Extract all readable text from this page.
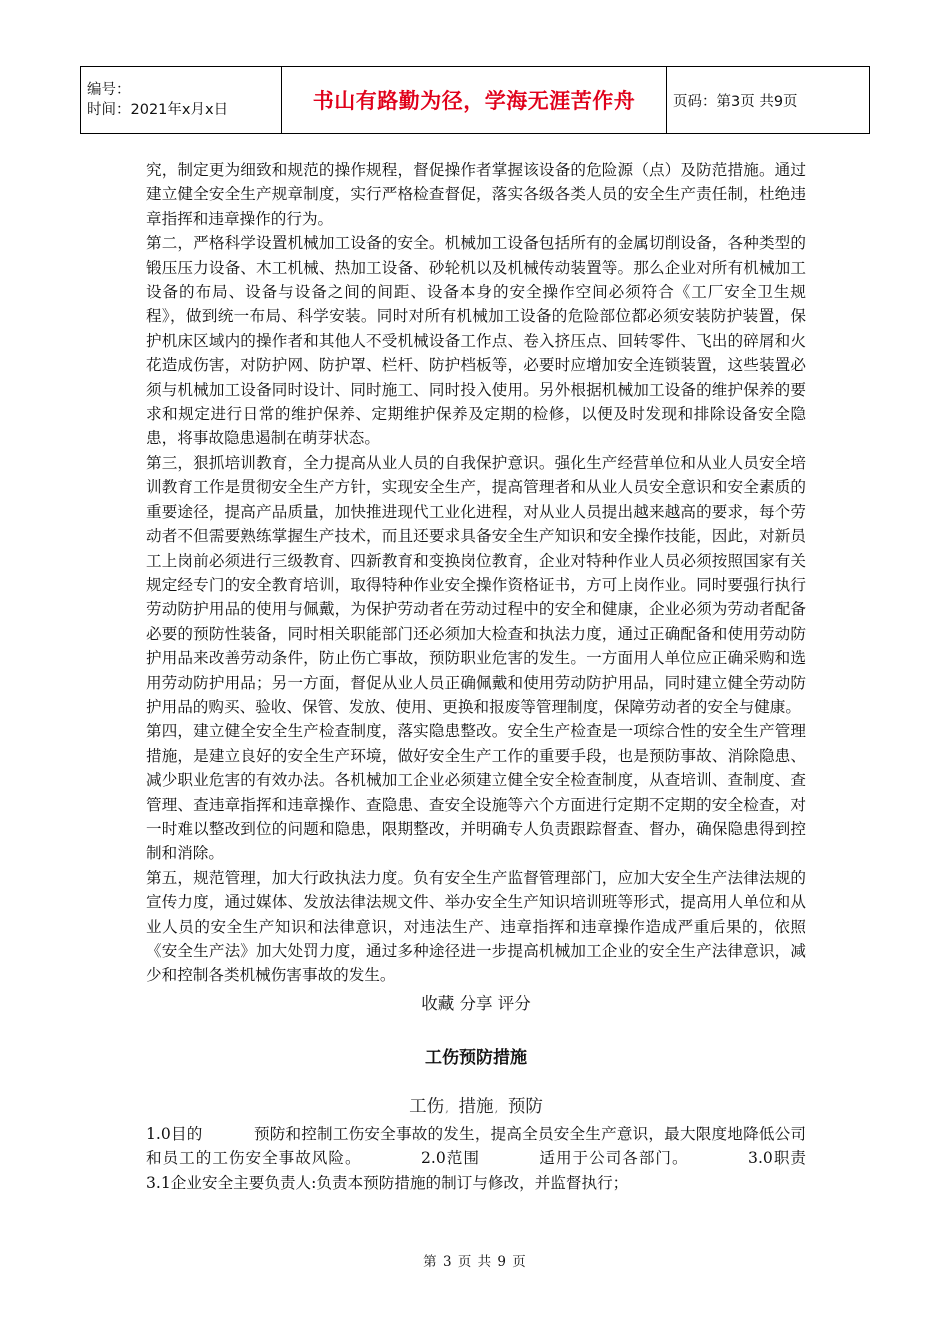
编号：
时间：2021年x月x日	书山有路勤为径，学海无涯苦作舟	页码：第3页 共9页

究，制定更为细致和规范的操作规程，督促操作者掌握该设备的危险源（点）及防范措施。通过建立健全安全生产规章制度，实行严格检查督促，落实各级各类人员的安全生产责任制，杜绝违章指挥和违章操作的行为。

第二，严格科学设置机械加工设备的安全。机械加工设备包括所有的金属切削设备，各种类型的锻压压力设备、木工机械、热加工设备、砂轮机以及机械传动装置等。那么企业对所有机械加工设备的布局、设备与设备之间的间距、设备本身的安全操作空间必须符合《工厂安全卫生规程》，做到统一布局、科学安装。同时对所有机械加工设备的危险部位都必须安装防护装置，保护机床区域内的操作者和其他人不受机械设备工作点、卷入挤压点、回转零件、飞出的碎屑和火花造成伤害，对防护网、防护罩、栏杆、防护档板等，必要时应增加安全连锁装置，这些装置必须与机械加工设备同时设计、同时施工、同时投入使用。另外根据机械加工设备的维护保养的要求和规定进行日常的维护保养、定期维护保养及定期的检修，以便及时发现和排除设备安全隐患，将事故隐患遏制在萌芽状态。

第三，狠抓培训教育，全力提高从业人员的自我保护意识。强化生产经营单位和从业人员安全培训教育工作是贯彻安全生产方针，实现安全生产，提高管理者和从业人员安全意识和安全素质的重要途径，提高产品质量，加快推进现代工业化进程，对从业人员提出越来越高的要求，每个劳动者不但需要熟练掌握生产技术，而且还要求具备安全生产知识和安全操作技能，因此，对新员工上岗前必须进行三级教育、四新教育和变换岗位教育，企业对特种作业人员必须按照国家有关规定经专门的安全教育培训，取得特种作业安全操作资格证书，方可上岗作业。同时要强行执行劳动防护用品的使用与佩戴，为保护劳动者在劳动过程中的安全和健康，企业必须为劳动者配备必要的预防性装备，同时相关职能部门还必须加大检查和执法力度，通过正确配备和使用劳动防护用品来改善劳动条件，防止伤亡事故，预防职业危害的发生。一方面用人单位应正确采购和选用劳动防护用品；另一方面，督促从业人员正确佩戴和使用劳动防护用品，同时建立健全劳动防护用品的购买、验收、保管、发放、使用、更换和报废等管理制度，保障劳动者的安全与健康。

第四，建立健全安全生产检查制度，落实隐患整改。安全生产检查是一项综合性的安全生产管理措施，是建立良好的安全生产环境，做好安全生产工作的重要手段，也是预防事故、消除隐患、减少职业危害的有效办法。各机械加工企业必须建立健全安全检查制度，从查培训、查制度、查管理、查违章指挥和违章操作、查隐患、查安全设施等六个方面进行定期不定期的安全检查，对一时难以整改到位的问题和隐患，限期整改，并明确专人负责跟踪督查、督办，确保隐患得到控制和消除。

第五，规范管理，加大行政执法力度。负有安全生产监督管理部门，应加大安全生产法律法规的宣传力度，通过媒体、发放法律法规文件、举办安全生产知识培训班等形式，提高用人单位和从业人员的安全生产知识和法律意识，对违法生产、违章指挥和违章操作造成严重后果的，依照《安全生产法》加大处罚力度，通过多种途径进一步提高机械加工企业的安全生产法律意识，减少和控制各类机械伤害事故的发生。

收藏 分享 评分
工伤预防措施
工伤, 措施, 预防

1.0目的          预防和控制工伤安全事故的发生，提高全员安全生产意识，最大限度地降低公司和员工的工伤安全事故风险。          2.0范围          适用于公司各部门。          3.0职责          3.1企业安全主要负责人:负责本预防措施的制订与修改，并监督执行；

第 3 页 共 9 页
